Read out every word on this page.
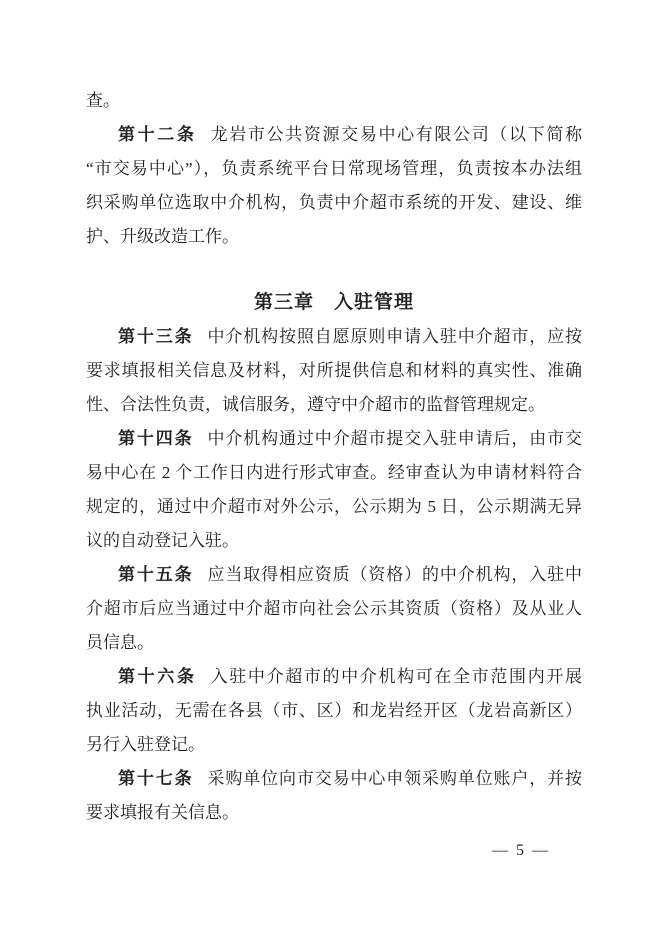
查。
第十二条 龙岩市公共资源交易中心有限公司（以下简称
“市交易中心”），负责系统平台日常现场管理，负责按本办法组
织采购单位选取中介机构，负责中介超市系统的开发、建设、维
护、升级改造工作。
第三章　入驻管理
第十三条 中介机构按照自愿原则申请入驻中介超市，应按
要求填报相关信息及材料，对所提供信息和材料的真实性、准确
性、合法性负责，诚信服务，遵守中介超市的监督管理规定。
第十四条 中介机构通过中介超市提交入驻申请后，由市交
易中心在 2 个工作日内进行形式审查。经审查认为申请材料符合
规定的，通过中介超市对外公示，公示期为 5 日，公示期满无异
议的自动登记入驻。
第十五条 应当取得相应资质（资格）的中介机构，入驻中
介超市后应当通过中介超市向社会公示其资质（资格）及从业人
员信息。
第十六条 入驻中介超市的中介机构可在全市范围内开展
执业活动，无需在各县（市、区）和龙岩经开区（龙岩高新区）
另行入驻登记。
第十七条 采购单位向市交易中心申领采购单位账户，并按
要求填报有关信息。
— 5 —
